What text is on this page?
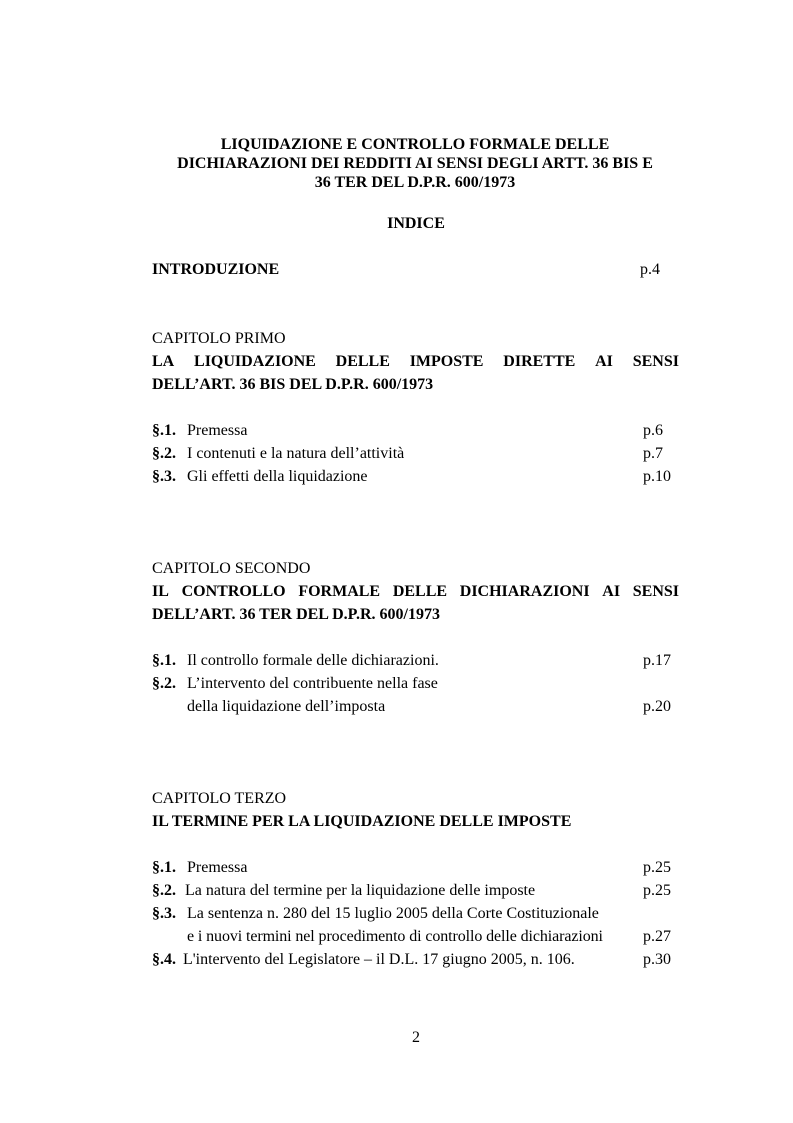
LIQUIDAZIONE E CONTROLLO FORMALE DELLE
DICHIARAZIONI DEI REDDITI AI SENSI DEGLI ARTT. 36 BIS E
36 TER DEL D.P.R. 600/1973
INDICE
INTRODUZIONE	p.4
CAPITOLO PRIMO
LA LIQUIDAZIONE DELLE IMPOSTE DIRETTE AI SENSI
DELL’ART. 36 BIS DEL D.P.R. 600/1973
§.1. Premessa	p.6
§.2. I contenuti e la natura dell’attività	p.7
§.3. Gli effetti della liquidazione	p.10
CAPITOLO SECONDO
IL CONTROLLO FORMALE DELLE DICHIARAZIONI AI SENSI
DELL’ART. 36 TER DEL D.P.R. 600/1973
§.1. Il controllo formale delle dichiarazioni.	p.17
§.2. L’intervento del contribuente nella fase
della liquidazione dell’imposta	p.20
CAPITOLO TERZO
IL TERMINE PER LA LIQUIDAZIONE DELLE IMPOSTE
§.1. Premessa	p.25
§.2. La natura del termine per la liquidazione delle imposte	p.25
§.3. La sentenza n. 280 del 15 luglio 2005 della Corte Costituzionale
e i nuovi termini nel procedimento di controllo delle dichiarazioni	p.27
§.4. L'intervento del Legislatore – il D.L. 17 giugno 2005, n. 106.	p.30
2
